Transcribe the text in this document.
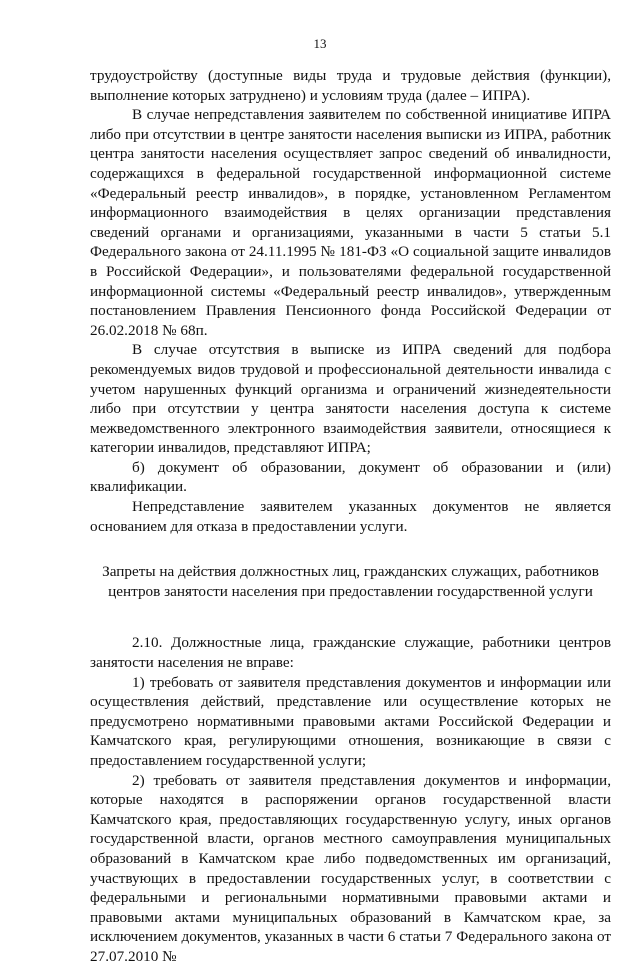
13

трудоустройству (доступные виды труда и трудовые действия (функции), выполнение которых затруднено) и условиям труда (далее – ИПРА).

В случае непредставления заявителем по собственной инициативе ИПРА либо при отсутствии в центре занятости населения выписки из ИПРА, работник центра занятости населения осуществляет запрос сведений об инвалидности, содержащихся в федеральной государственной информационной системе «Федеральный реестр инвалидов», в порядке, установленном Регламентом информационного взаимодействия в целях организации представления сведений органами и организациями, указанными в части 5 статьи 5.1 Федерального закона от 24.11.1995 № 181-ФЗ «О социальной защите инвалидов в Российской Федерации», и пользователями федеральной государственной информационной системы «Федеральный реестр инвалидов», утвержденным постановлением Правления Пенсионного фонда Российской Федерации от 26.02.2018 № 68п.

В случае отсутствия в выписке из ИПРА сведений для подбора рекомендуемых видов трудовой и профессиональной деятельности инвалида с учетом нарушенных функций организма и ограничений жизнедеятельности либо при отсутствии у центра занятости населения доступа к системе межведомственного электронного взаимодействия заявители, относящиеся к категории инвалидов, представляют ИПРА;

б) документ об образовании, документ об образовании и (или) квалификации.

Непредставление заявителем указанных документов не является основанием для отказа в предоставлении услуги.

Запреты на действия должностных лиц, гражданских служащих, работников центров занятости населения при предоставлении государственной услуги

2.10. Должностные лица, гражданские служащие, работники центров занятости населения не вправе:

1) требовать от заявителя представления документов и информации или осуществления действий, представление или осуществление которых не предусмотрено нормативными правовыми актами Российской Федерации и Камчатского края, регулирующими отношения, возникающие в связи с предоставлением государственной услуги;

2) требовать от заявителя представления документов и информации, которые находятся в распоряжении органов государственной власти Камчатского края, предоставляющих государственную услугу, иных органов государственной власти, органов местного самоуправления муниципальных образований в Камчатском крае либо подведомственных им организаций, участвующих в предоставлении государственных услуг, в соответствии с федеральными и региональными нормативными правовыми актами и правовыми актами муниципальных образований в Камчатском крае, за исключением документов, указанных в части 6 статьи 7 Федерального закона от 27.07.2010 №
